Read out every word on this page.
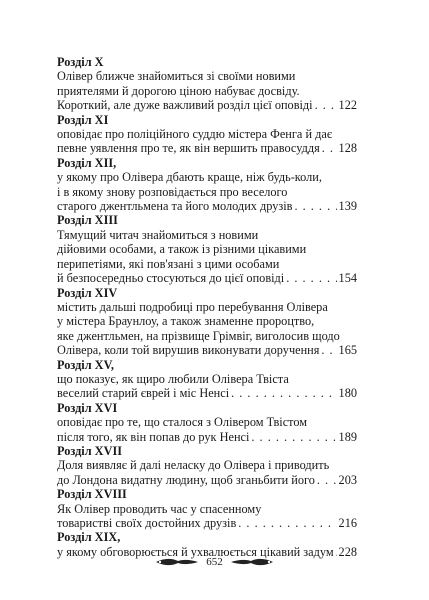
Розділ X
Олівер ближче знайомиться зі своїми новими
приятелями й дорогою ціною набуває досвіду.
Короткий, але дуже важливий розділ цієї оповіді . . . 122
Розділ XI
оповідає про поліційного суддю містера Фенга й дає
певне уявлення про те, як він вершить правосуддя . . . 128
Розділ XII,
у якому про Олівера дбають краще, ніж будь-коли,
і в якому знову розповідається про веселого
старого джентльмена та його молодих друзів . . .	139
Розділ XIII
Тямущий читач знайомиться з новими
дійовими особами, а також із різними цікавими
перипетіями, які пов'язані з цими особами
й безпосередньо стосуються до цієї оповіді . . .	154
Розділ XIV
містить дальші подробиці про перебування Олівера
у містера Браунлоу, а також знаменне пророцтво,
яке джентльмен, на прізвище Грімвіг, виголосив щодо
Олівера, коли той вирушив виконувати доручення . . . 165
Розділ XV,
що показує, як щиро любили Олівера Твіста
веселий старий єврей і міс Ненсі . . .	180
Розділ XVI
оповідає про те, що сталося з Олівером Твістом
після того, як він попав до рук Ненсі . . .	189
Розділ XVII
Доля виявляє й далі неласку до Олівера і приводить
до Лондона видатну людину, щоб зганьбити його . . . 203
Розділ XVIII
Як Олівер проводить час у спасенному
товаристві своїх достойних друзів . . .	216
Розділ XIX,
у якому обговорюється й ухвалюється цікавий задум . . . 228
652
